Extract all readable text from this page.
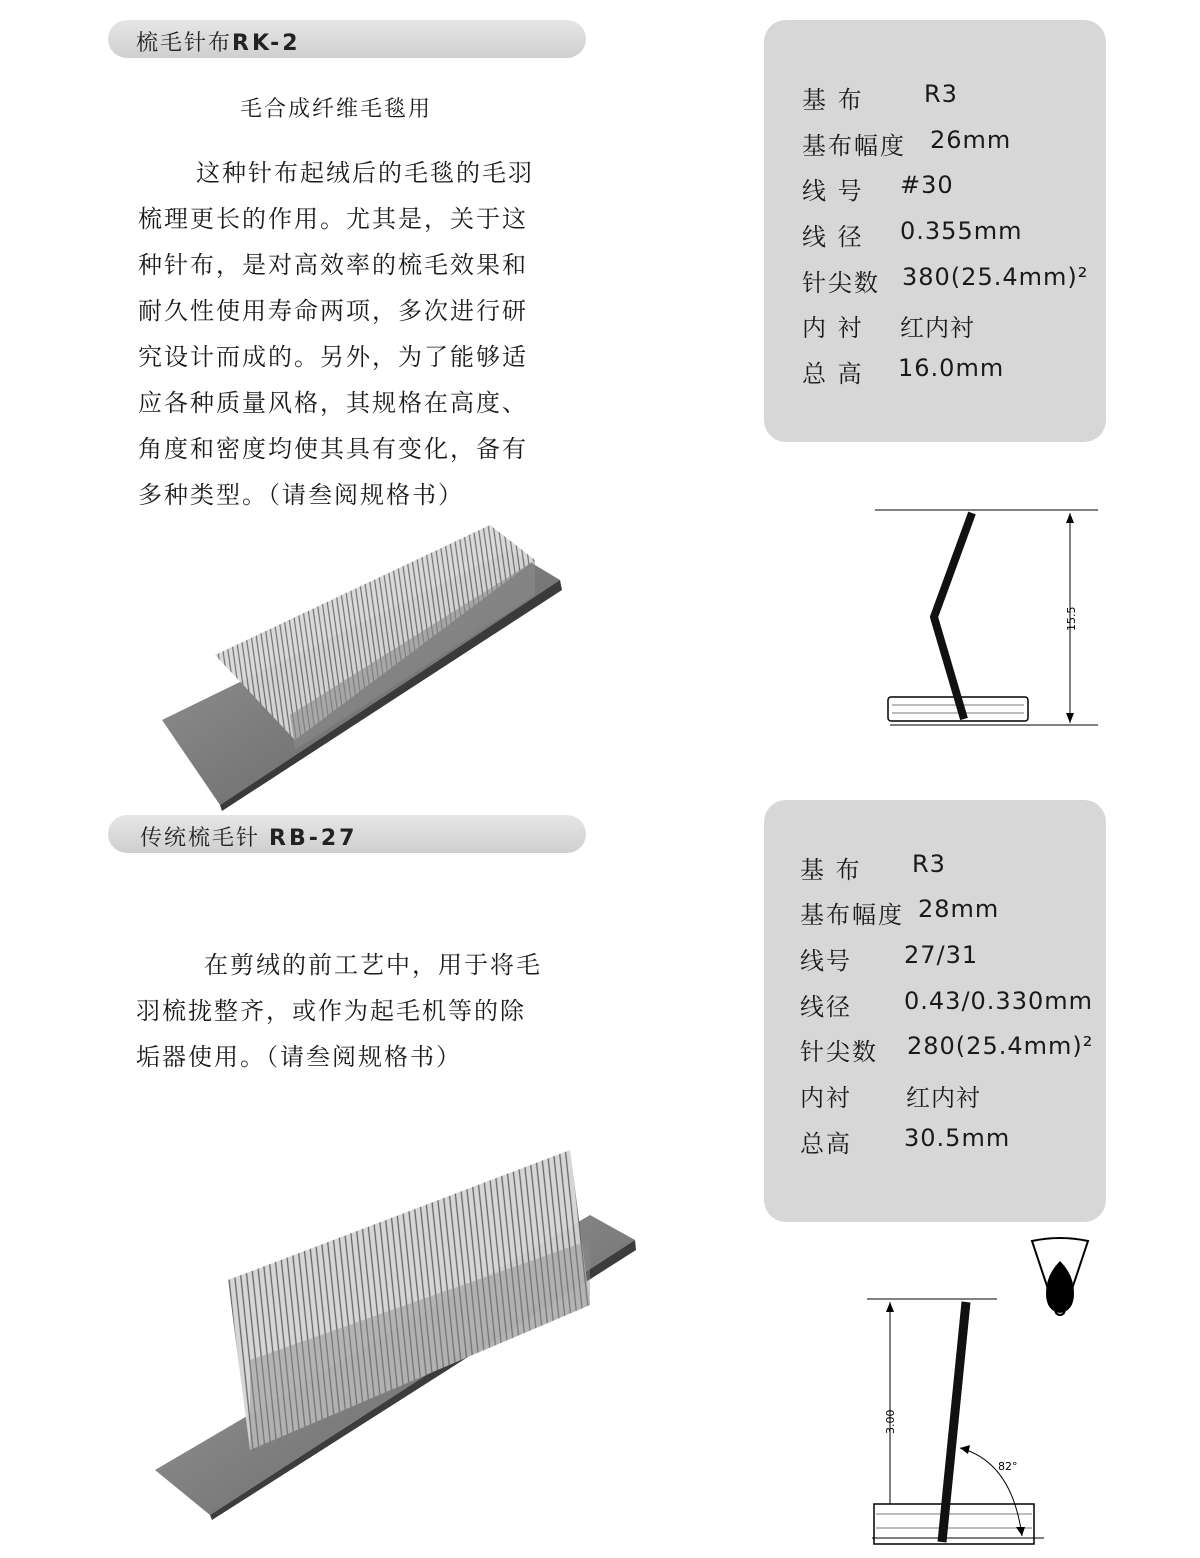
梳毛针布RK-2
毛合成纤维毛毯用
这种针布起绒后的毛毯的毛羽
梳理更长的作用。尤其是，关于这
种针布，是对高效率的梳毛效果和
耐久性使用寿命两项，多次进行研
究设计而成的。另外，为了能够适
应各种质量风格，其规格在高度、
角度和密度均使其具有变化，备有
多种类型。（请叁阅规格书）
基 布	R3
基布幅度 26mm
线 号 #30
线 径 0.355mm
针尖数 380(25.4mm)²
内 衬 红内衬
总 高 16.0mm
15.5
传统梳毛针 RB-27
在剪绒的前工艺中，用于将毛
羽梳拢整齐，或作为起毛机等的除
垢器使用。（请叁阅规格书）
基 布 R3
基布幅度 28mm
线号 27/31
线径 0.43/0.330mm
针尖数 280(25.4mm)²
内衬 红内衬
总高 30.5mm
3.00
82°
